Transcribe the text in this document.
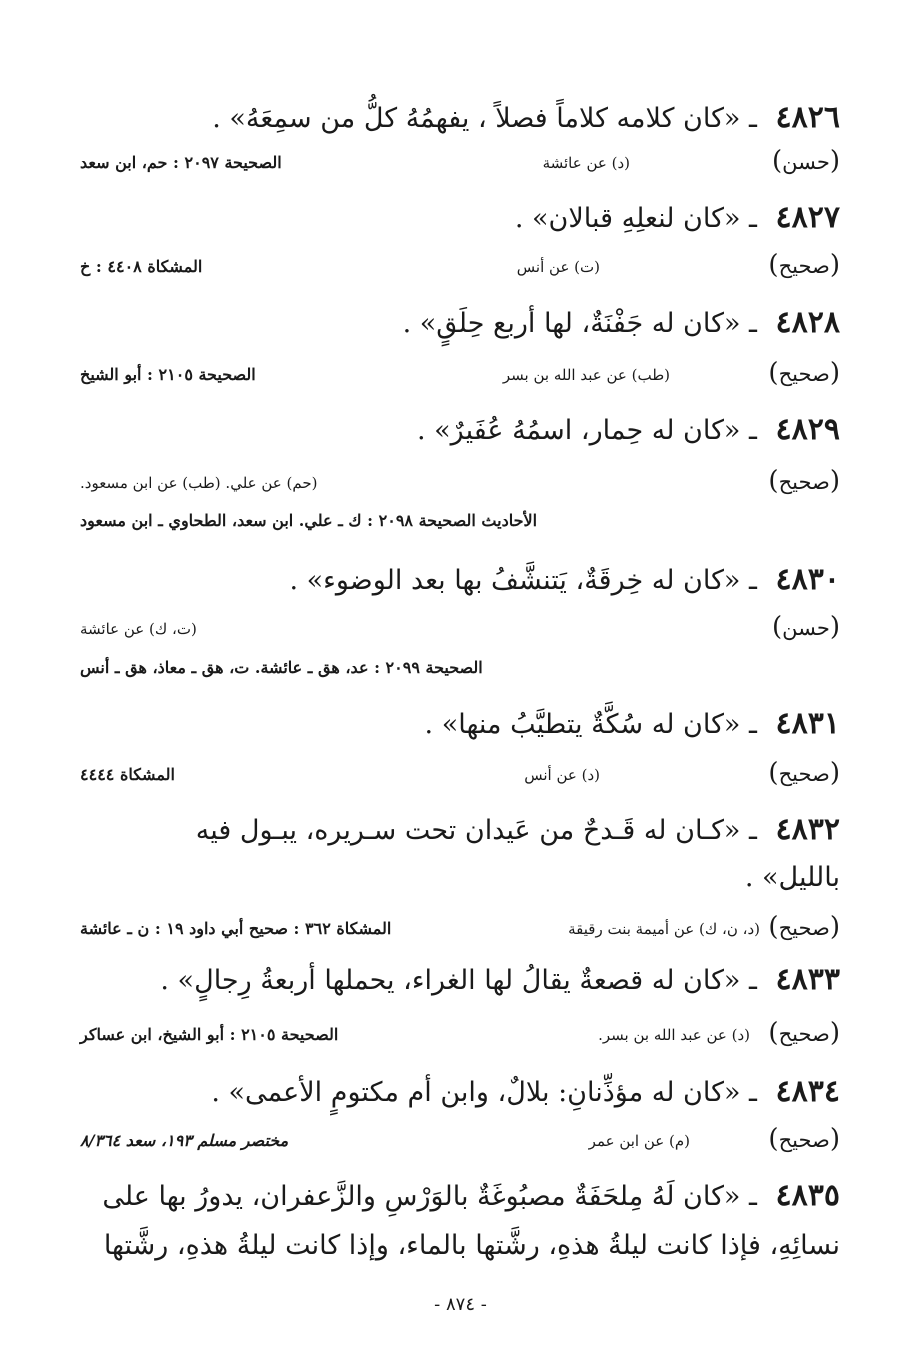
٤٨٢٦ ـ «كان كلامه كلاماً فصلاً ، يفهمُهُ كلُّ من سمِعَهُ» .
(حسن)
(د) عن عائشة
الصحيحة ٢٠٩٧ : حم، ابن سعد
٤٨٢٧ ـ «كان لنعلِهِ قبالان» .
(صحيح)
(ت) عن أنس
المشكاة ٤٤٠٨ : خ
٤٨٢٨ ـ «كان له جَفْنَةٌ، لها أربع حِلَقٍ» .
(صحيح)
(طب) عن عبد الله بن بسر
الصحيحة ٢١٠٥ : أبو الشيخ
٤٨٢٩ ـ «كان له حِمار، اسمُهُ عُفَيرٌ» .
(صحيح)
(حم) عن علي. (طب) عن ابن مسعود.
الأحاديث الصحيحة ٢٠٩٨ : ك ـ علي. ابن سعد، الطحاوي ـ ابن مسعود
٤٨٣٠ ـ «كان له خِرقَةٌ، يَتنشَّفُ بها بعد الوضوء» .
(حسن)
(ت، ك) عن عائشة
الصحيحة ٢٠٩٩ : عد، هق ـ عائشة. ت، هق ـ معاذ، هق ـ أنس
٤٨٣١ ـ «كان له سُكَّةٌ يتطيَّبُ منها» .
(صحيح)
(د) عن أنس
المشكاة ٤٤٤٤
٤٨٣٢ ـ «كـان له قَـدحٌ من عَيدان تحت سـريره، يبـول فيه
بالليل» .
(صحيح)
(د، ن، ك) عن أميمة بنت رقيقة
المشكاة ٣٦٢ : صحيح أبي داود ١٩ : ن ـ عائشة
٤٨٣٣ ـ «كان له قصعةٌ يقالُ لها الغراء، يحملها أربعةُ رِجالٍ» .
(صحيح)
(د) عن عبد الله بن بسر.
الصحيحة ٢١٠٥ : أبو الشيخ، ابن عساكر
٤٨٣٤ ـ «كان له مؤذِّنانِ: بلالٌ، وابن أم مكتومٍ الأعمى» .
(صحيح)
(م) عن ابن عمر
مختصر مسلم ١٩٣، سعد ٨/٣٦٤
٤٨٣٥ ـ «كان لَهُ مِلحَفَةٌ مصبُوغَةٌ بالوَرْسِ والزَّعفران، يدورُ بها على
نسائِهِ، فإذا كانت ليلةُ هذهِ، رشَّتها بالماء، وإذا كانت ليلةُ هذهِ، رشَّتها
- ٨٧٤ -
